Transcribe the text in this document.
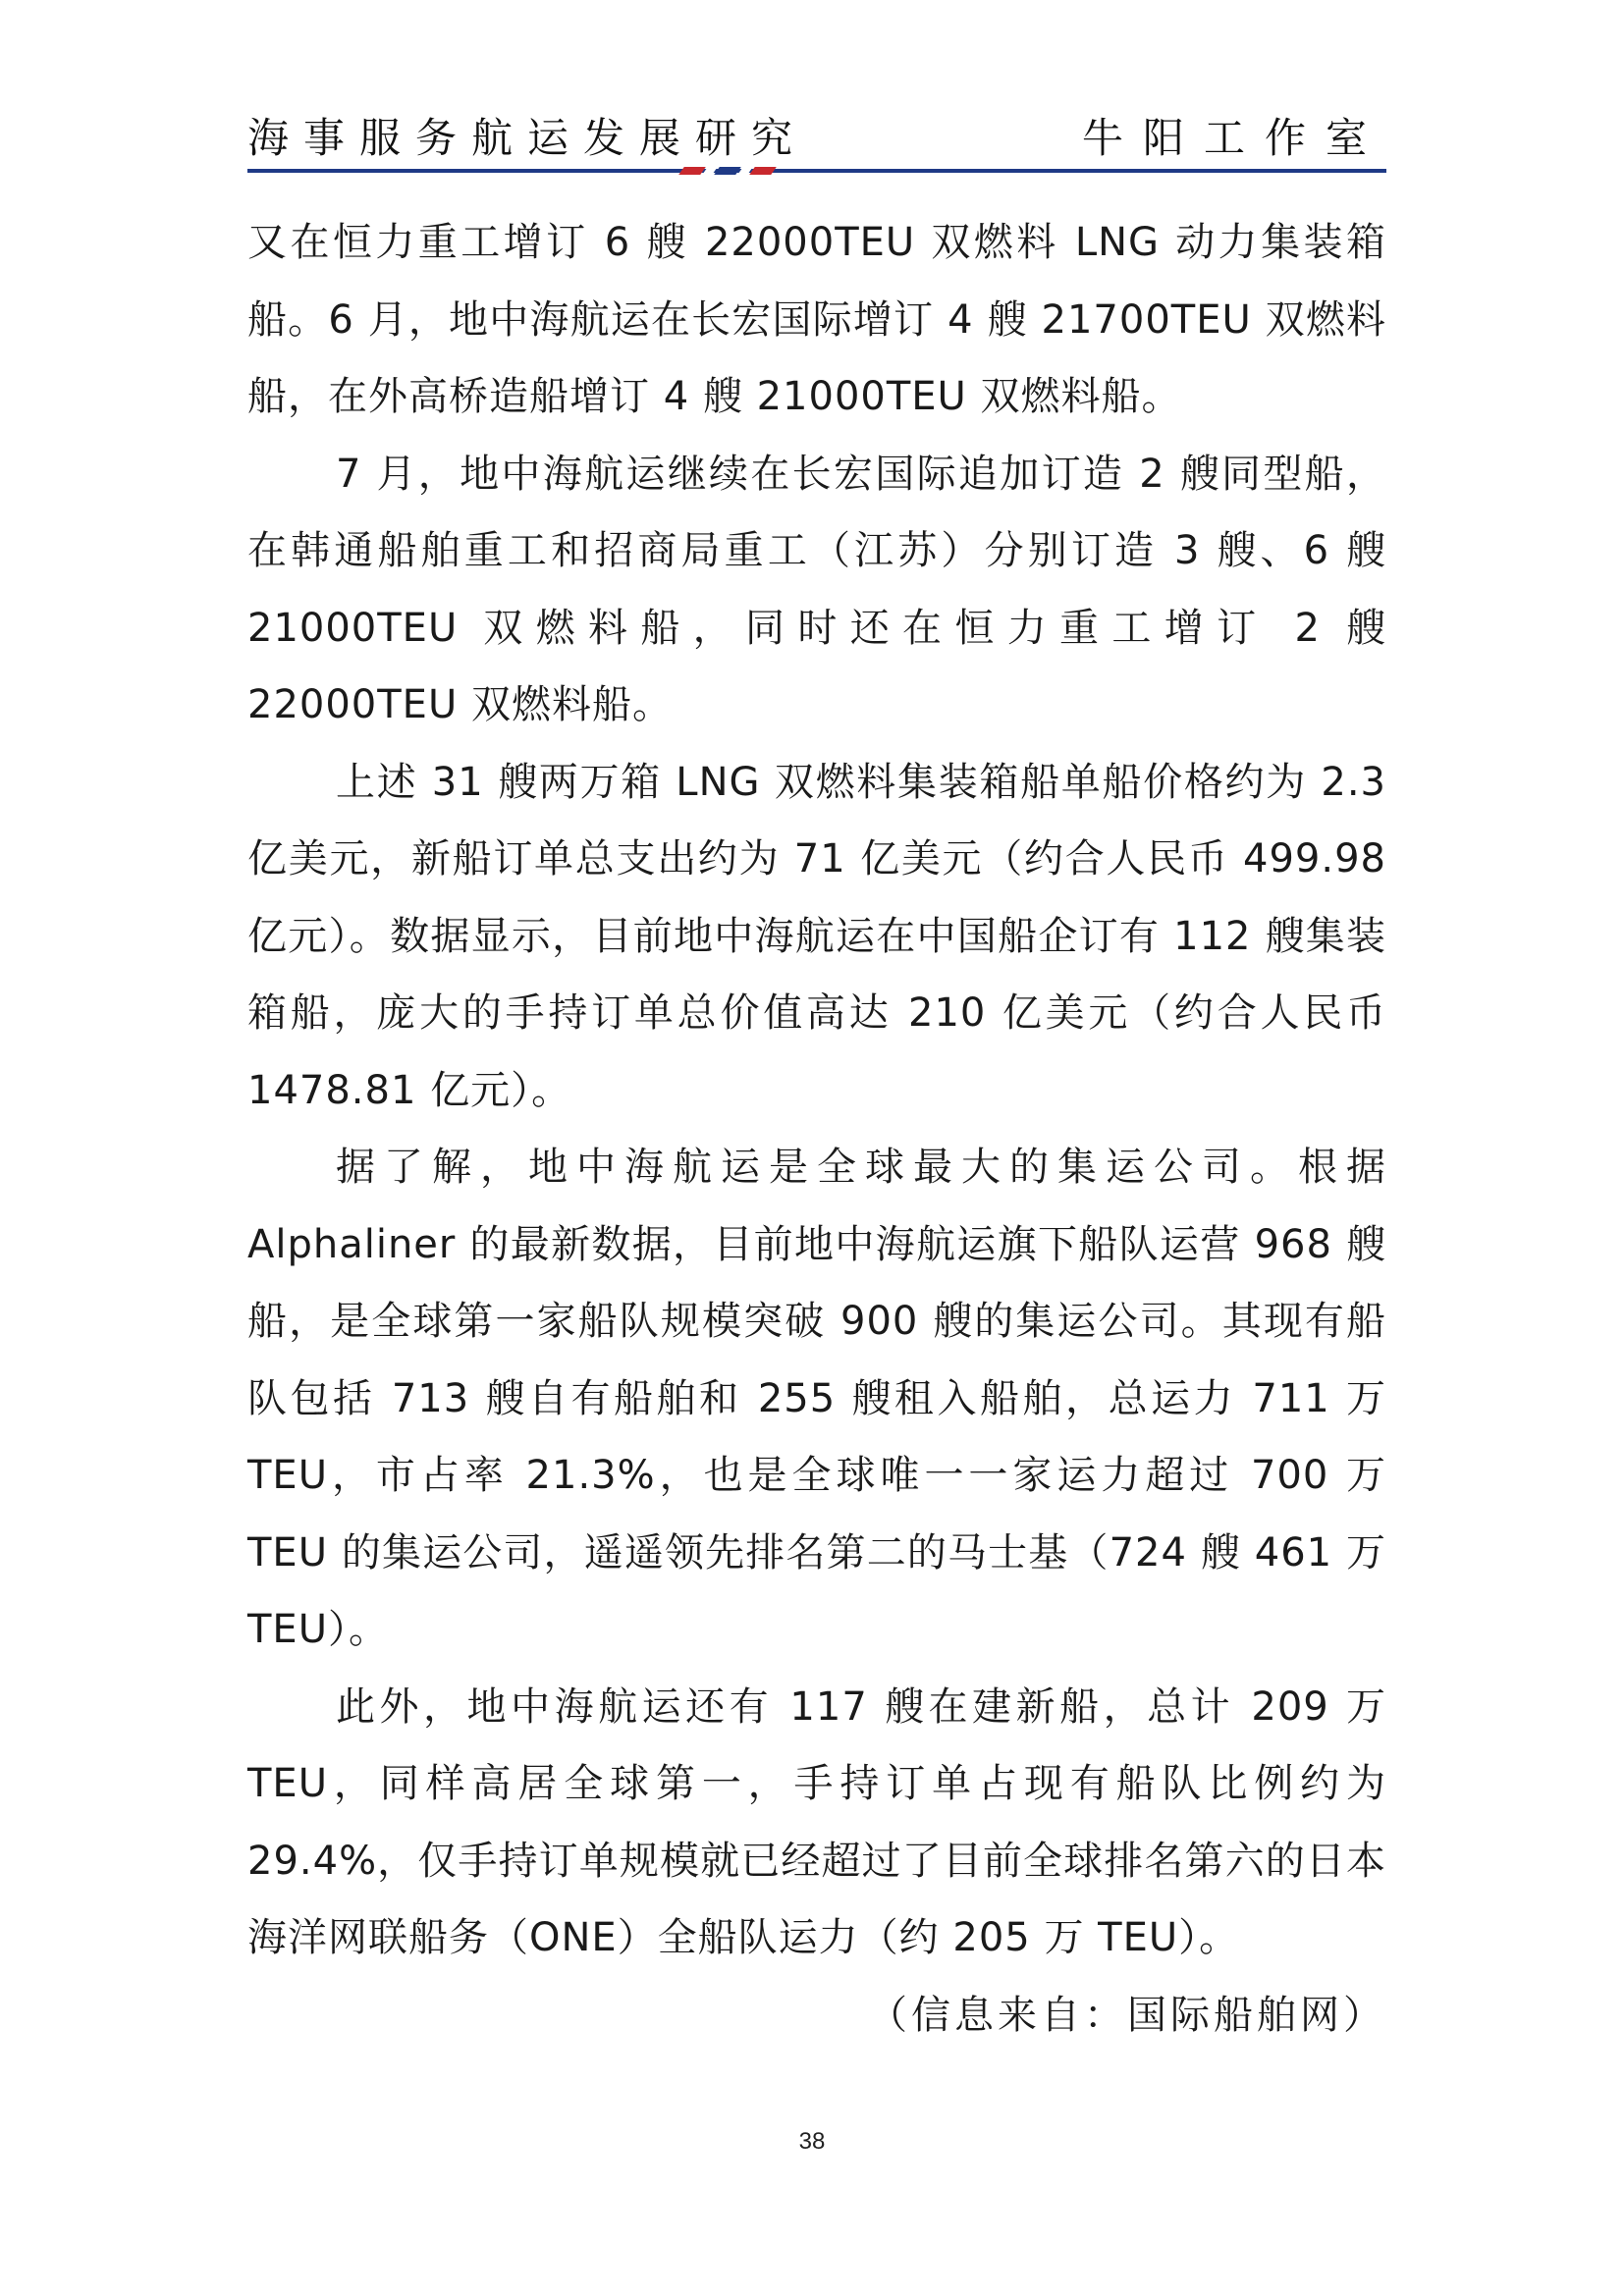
海事服务航运发展研究	牛阳工作室

又在恒力重工增订 6 艘 22000TEU 双燃料 LNG 动力集装箱船。6 月，地中海航运在长宏国际增订 4 艘 21700TEU 双燃料船，在外高桥造船增订 4 艘 21000TEU 双燃料船。

7 月，地中海航运继续在长宏国际追加订造 2 艘同型船，在韩通船舶重工和招商局重工（江苏）分别订造 3 艘、6 艘 21000TEU 双燃料船，同时还在恒力重工增订 2 艘 22000TEU 双燃料船。

上述 31 艘两万箱 LNG 双燃料集装箱船单船价格约为 2.3 亿美元，新船订单总支出约为 71 亿美元（约合人民币 499.98 亿元）。数据显示，目前地中海航运在中国船企订有 112 艘集装箱船，庞大的手持订单总价值高达 210 亿美元（约合人民币 1478.81 亿元）。

据了解，地中海航运是全球最大的集运公司。根据 Alphaliner 的最新数据，目前地中海航运旗下船队运营 968 艘船，是全球第一家船队规模突破 900 艘的集运公司。其现有船队包括 713 艘自有船舶和 255 艘租入船舶，总运力 711 万 TEU，市占率 21.3%，也是全球唯一一家运力超过 700 万 TEU 的集运公司，遥遥领先排名第二的马士基（724 艘 461 万 TEU）。

此外，地中海航运还有 117 艘在建新船，总计 209 万 TEU，同样高居全球第一，手持订单占现有船队比例约为 29.4%，仅手持订单规模就已经超过了目前全球排名第六的日本海洋网联船务（ONE）全船队运力（约 205 万 TEU）。

（信息来自：国际船舶网）
38
